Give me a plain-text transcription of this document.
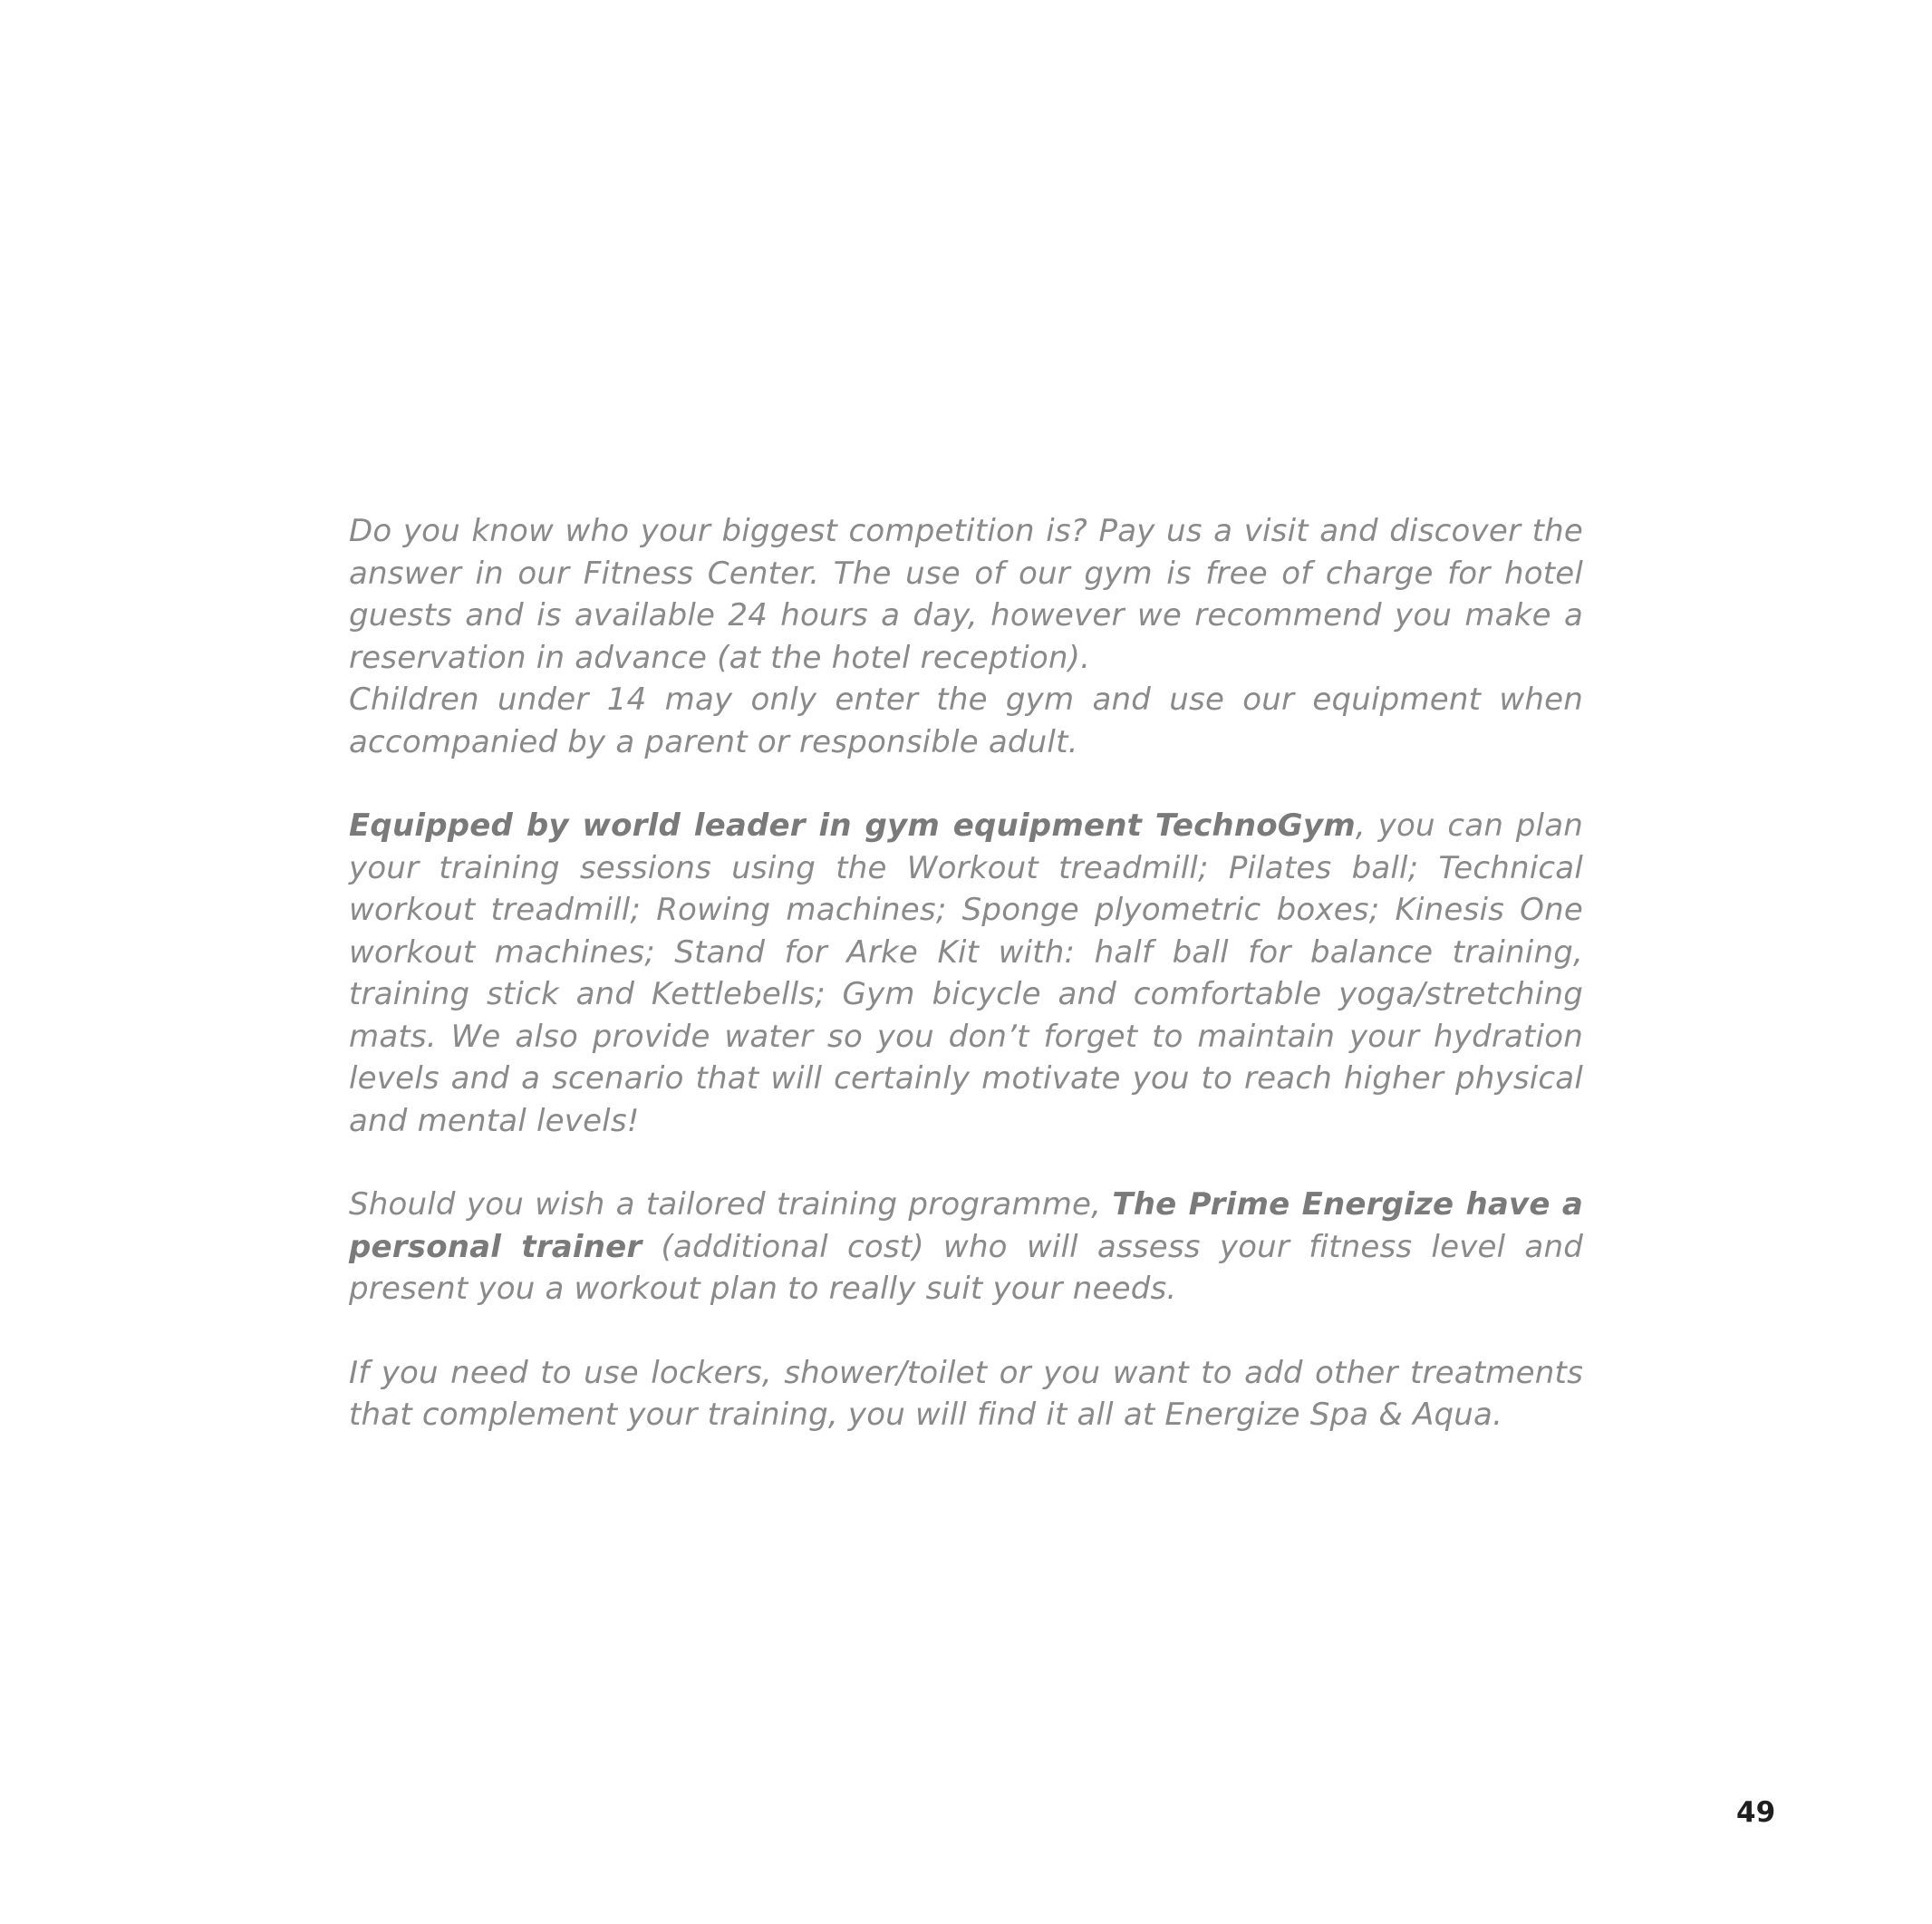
Do you know who your biggest competition is? Pay us a visit and discover the answer in our Fitness Center. The use of our gym is free of charge for hotel guests and is available 24 hours a day, however we recommend you make a reservation in advance (at the hotel reception).

Children under 14 may only enter the gym and use our equipment when accompanied by a parent or responsible adult.

Equipped by world leader in gym equipment TechnoGym, you can plan your training sessions using the Workout treadmill; Pilates ball; Technical workout treadmill; Rowing machines; Sponge plyometric boxes; Kinesis One workout machines; Stand for Arke Kit with: half ball for balance training, training stick and Kettlebells; Gym bicycle and comfortable yoga/stretching mats. We also provide water so you don’t forget to maintain your hydration levels and a scenario that will certainly motivate you to reach higher physical and mental levels!

Should you wish a tailored training programme, The Prime Energize have a personal trainer (additional cost) who will assess your fitness level and present you a workout plan to really suit your needs.

If you need to use lockers, shower/toilet or you want to add other treatments that complement your training, you will find it all at Energize Spa & Aqua.

49
